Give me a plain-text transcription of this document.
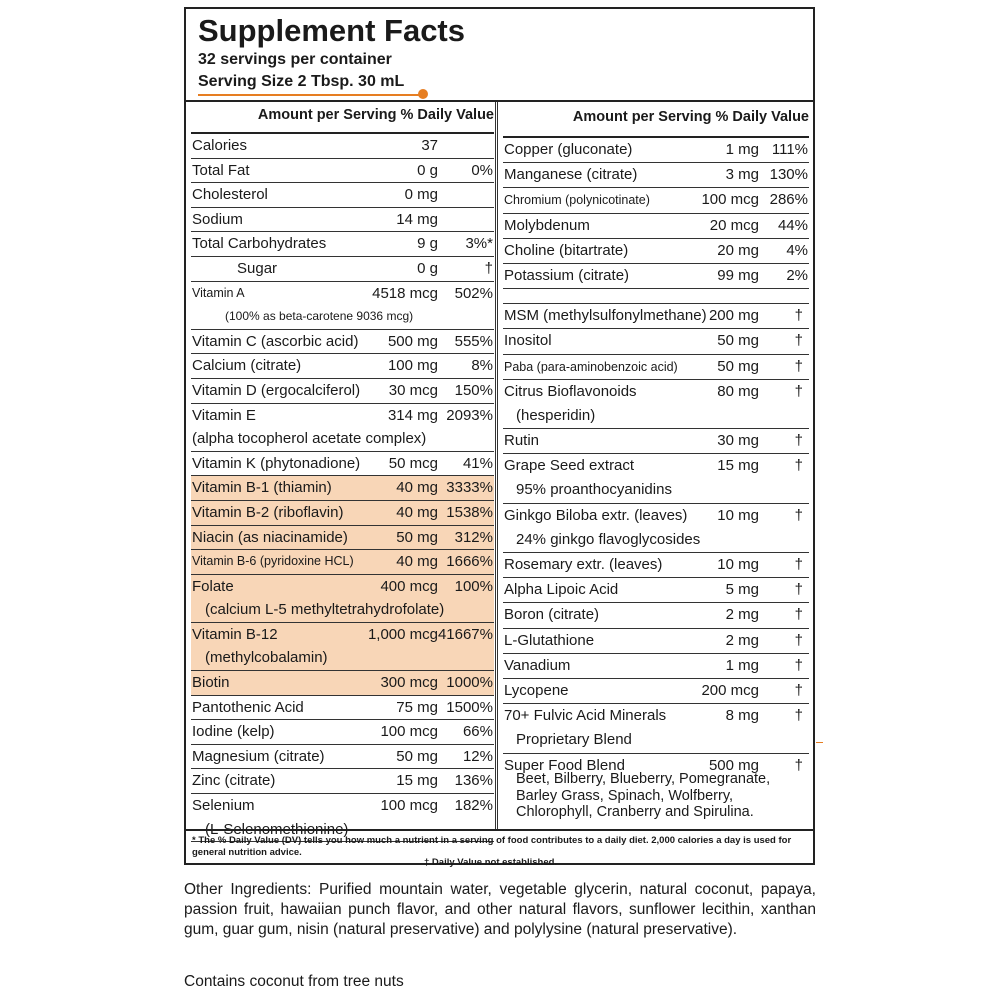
Supplement Facts
32 servings per container
Serving Size 2 Tbsp. 30 mL
Amount per Serving % Daily Value
Calories	37
Total Fat	0 g 0%
Cholesterol	0 mg
Sodium	14 mg
Total Carbohydrates	9 g 3%*
Sugar	0 g	†
Vitamin A	4518 mcg 502%
(100% as beta-carotene 9036 mcg)
Vitamin C (ascorbic acid) 500 mg 555%
Calcium (citrate)	100 mg 8%
Vitamin D (ergocalciferol) 30 mcg 150%
Vitamin E	314 mg 2093%
(alpha tocopherol acetate complex)
Vitamin K (phytonadione) 50 mcg 41%
Vitamin B-1 (thiamin)	40 mg 3333%
Vitamin B-2 (riboflavin)	40 mg 1538%
Niacin (as niacinamide)	50 mg 312%
Vitamin B-6 (pyridoxine HCL)	40 mg 1666%
Folate	400 mcg 100%
(calcium L-5 methyltetrahydrofolate)
Vitamin B-12	1,000 mcg 41667%
(methylcobalamin)
Biotin	300 mcg 1000%
Pantothenic Acid	75 mg 1500%
Iodine (kelp)	100 mcg 66%
Magnesium (citrate)	50 mg 12%
Zinc (citrate)	15 mg 136%
Selenium	100 mcg 182%
(L-Selenomethionine)
Amount per Serving % Daily Value
Copper (gluconate)	1 mg 111%
Manganese (citrate)	3 mg 130%
Chromium (polynicotinate)	100 mcg 286%
Molybdenum	20 mcg 44%
Choline (bitartrate)	20 mg 4%
Potassium (citrate)	99 mg 2%
MSM (methylsulfonylmethane) 200 mg †
Inositol	50 mg †
Paba (para-aminobenzoic acid)	50 mg †
Citrus Bioflavonoids	80 mg †
(hesperidin)
Rutin	30 mg †
Grape Seed extract	15 mg †
95% proanthocyanidins
Ginkgo Biloba extr. (leaves) 10 mg †
24% ginkgo flavoglycosides
Rosemary extr. (leaves)	10 mg †
Alpha Lipoic Acid	5 mg †
Boron (citrate)	2 mg †
L-Glutathione	2 mg †
Vanadium	1 mg †
Lycopene	200 mcg †
70+ Fulvic Acid Minerals	8 mg †
Proprietary Blend
Super Food Blend	500 mg †
Beet, Bilberry, Blueberry, Pomegranate, Barley Grass, Spinach, Wolfberry, Chlorophyll, Cranberry and Spirulina.
* The % Daily Value (DV) tells you how much a nutrient in a serving of food contributes to a daily diet. 2,000 calories a day is used for general nutrition advice.
† Daily Value not established.
Other Ingredients: Purified mountain water, vegetable glycerin, natural coconut, papaya, passion fruit, hawaiian punch flavor, and other natural flavors, sunflower lecithin, xanthan gum, guar gum, nisin (natural preservative) and polylysine (natural preservative).
Contains coconut from tree nuts
